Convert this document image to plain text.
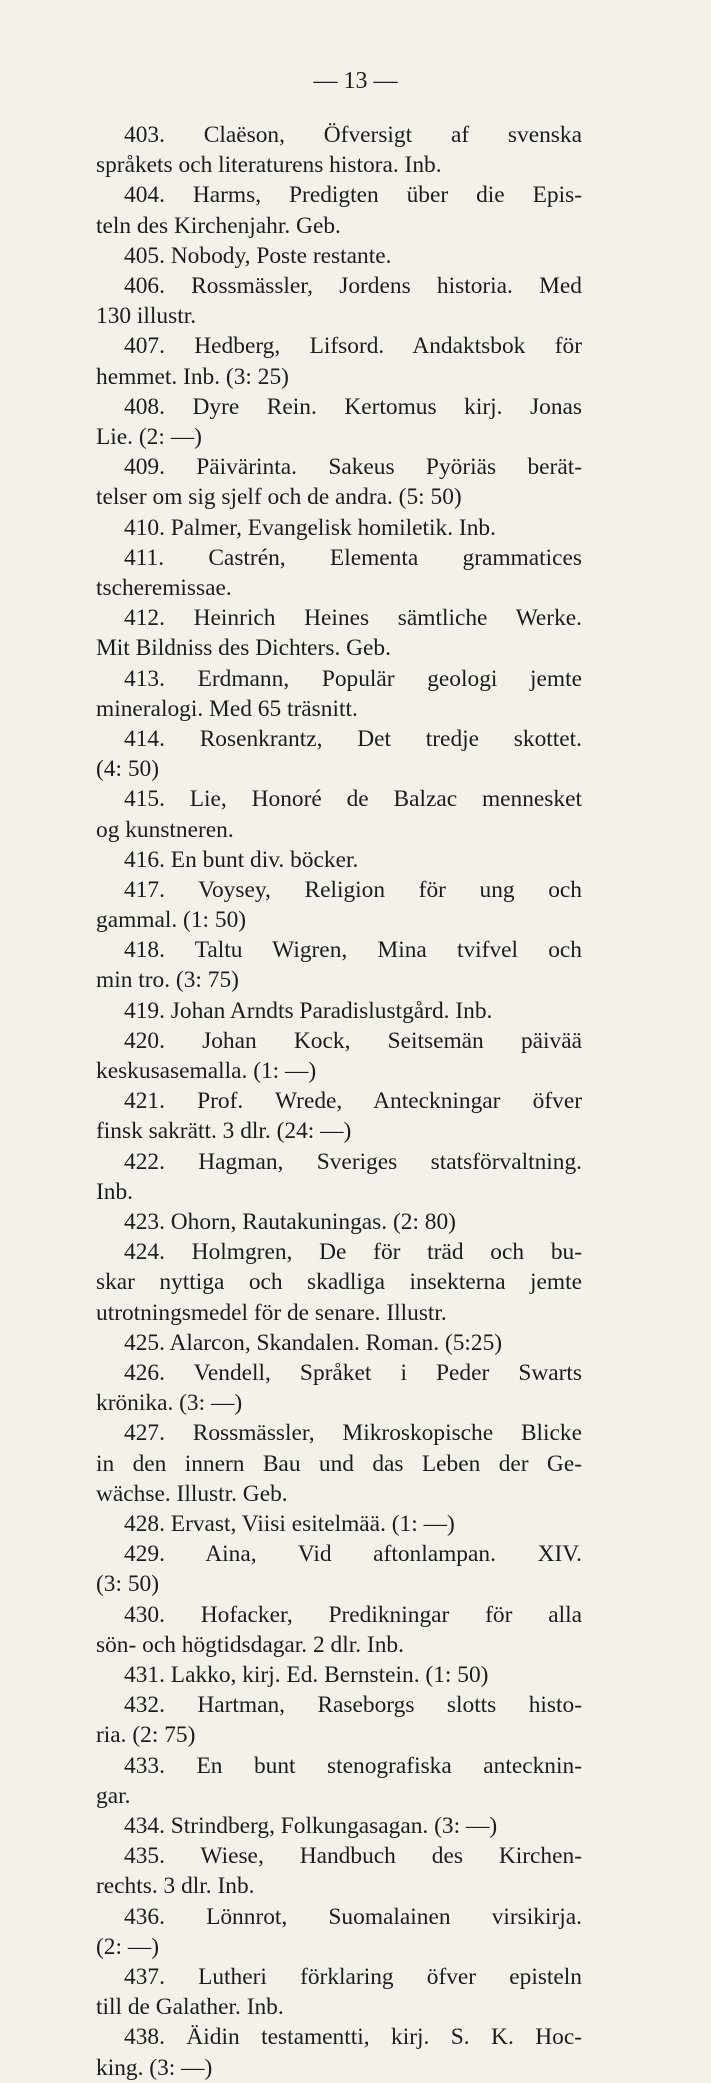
— 13 —
403. Claëson, Öfversigt af svenska
språkets och literaturens histora. Inb.
404. Harms, Predigten über die Epis-
teln des Kirchenjahr. Geb.
405. Nobody, Poste restante.
406. Rossmässler, Jordens historia. Med
130 illustr.
407. Hedberg, Lifsord. Andaktsbok för
hemmet. Inb. (3: 25)
408. Dyre Rein. Kertomus kirj. Jonas
Lie. (2: —)
409. Päivärinta. Sakeus Pyöriäs berät-
telser om sig sjelf och de andra. (5: 50)
410. Palmer, Evangelisk homiletik. Inb.
411. Castrén, Elementa grammatices
tscheremissae.
412. Heinrich Heines sämtliche Werke.
Mit Bildniss des Dichters. Geb.
413. Erdmann, Populär geologi jemte
mineralogi. Med 65 träsnitt.
414. Rosenkrantz, Det tredje skottet.
(4: 50)
415. Lie, Honoré de Balzac mennesket
og kunstneren.
416. En bunt div. böcker.
417. Voysey, Religion för ung och
gammal. (1: 50)
418. Taltu Wigren, Mina tvifvel och
min tro. (3: 75)
419. Johan Arndts Paradislustgård. Inb.
420. Johan Kock, Seitsemän päivää
keskusasemalla. (1: —)
421. Prof. Wrede, Anteckningar öfver
finsk sakrätt. 3 dlr. (24: —)
422. Hagman, Sveriges statsförvaltning.
Inb.
423. Ohorn, Rautakuningas. (2: 80)
424. Holmgren, De för träd och bu-
skar nyttiga och skadliga insekterna jemte
utrotningsmedel för de senare. Illustr.
425. Alarcon, Skandalen. Roman. (5:25)
426. Vendell, Språket i Peder Swarts
krönika. (3: —)
427. Rossmässler, Mikroskopische Blicke
in den innern Bau und das Leben der Ge-
wächse. Illustr. Geb.
428. Ervast, Viisi esitelmää. (1: —)
429. Aina, Vid aftonlampan. XIV.
(3: 50)
430. Hofacker, Predikningar för alla
sön- och högtidsdagar. 2 dlr. Inb.
431. Lakko, kirj. Ed. Bernstein. (1: 50)
432. Hartman, Raseborgs slotts histo-
ria. (2: 75)
433. En bunt stenografiska antecknin-
gar.
434. Strindberg, Folkungasagan. (3: —)
435. Wiese, Handbuch des Kirchen-
rechts. 3 dlr. Inb.
436. Lönnrot, Suomalainen virsikirja.
(2: —)
437. Lutheri förklaring öfver episteln
till de Galather. Inb.
438. Äidin testamentti, kirj. S. K. Hoc-
king. (3: —)
